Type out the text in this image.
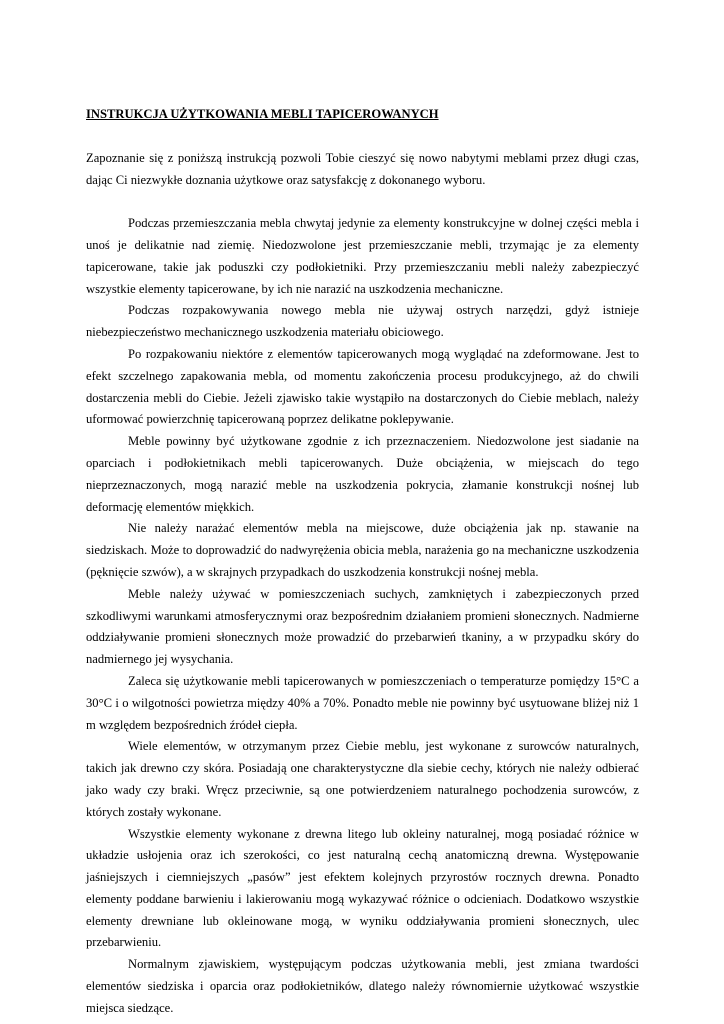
INSTRUKCJA UŻYTKOWANIA MEBLI TAPICEROWANYCH

Zapoznanie się z poniższą instrukcją pozwoli Tobie cieszyć się nowo nabytymi meblami przez długi czas, dając Ci niezwykłe doznania użytkowe oraz satysfakcję z dokonanego wyboru.

Podczas przemieszczania mebla chwytaj jedynie za elementy konstrukcyjne w dolnej części mebla i unoś je delikatnie nad ziemię. Niedozwolone jest przemieszczanie mebli, trzymając je za elementy tapicerowane, takie jak poduszki czy podłokietniki. Przy przemieszczaniu mebli należy zabezpieczyć wszystkie elementy tapicerowane, by ich nie narazić na uszkodzenia mechaniczne.

Podczas rozpakowywania nowego mebla nie używaj ostrych narzędzi, gdyż istnieje niebezpieczeństwo mechanicznego uszkodzenia materiału obiciowego.

Po rozpakowaniu niektóre z elementów tapicerowanych mogą wyglądać na zdeformowane. Jest to efekt szczelnego zapakowania mebla, od momentu zakończenia procesu produkcyjnego, aż do chwili dostarczenia mebli do Ciebie. Jeżeli zjawisko takie wystąpiło na dostarczonych do Ciebie meblach, należy uformować powierzchnię tapicerowaną poprzez delikatne poklepywanie.

Meble powinny być użytkowane zgodnie z ich przeznaczeniem. Niedozwolone jest siadanie na oparciach i podłokietnikach mebli tapicerowanych. Duże obciążenia, w miejscach do tego nieprzeznaczonych, mogą narazić meble na uszkodzenia pokrycia, złamanie konstrukcji nośnej lub deformację elementów miękkich.

Nie należy narażać elementów mebla na miejscowe, duże obciążenia jak np. stawanie na siedziskach. Może to doprowadzić do nadwyrężenia obicia mebla, narażenia go na mechaniczne uszkodzenia (pęknięcie szwów), a w skrajnych przypadkach do uszkodzenia konstrukcji nośnej mebla.

Meble należy używać w pomieszczeniach suchych, zamkniętych i zabezpieczonych przed szkodliwymi warunkami atmosferycznymi oraz bezpośrednim działaniem promieni słonecznych. Nadmierne oddziaływanie promieni słonecznych może prowadzić do przebarwień tkaniny, a w przypadku skóry do nadmiernego jej wysychania.

Zaleca się użytkowanie mebli tapicerowanych w pomieszczeniach o temperaturze pomiędzy 15°C a 30°C i o wilgotności powietrza między 40% a 70%. Ponadto meble nie powinny być usytuowane bliżej niż 1 m względem bezpośrednich źródeł ciepła.

Wiele elementów, w otrzymanym przez Ciebie meblu, jest wykonane z surowców naturalnych, takich jak drewno czy skóra. Posiadają one charakterystyczne dla siebie cechy, których nie należy odbierać jako wady czy braki. Wręcz przeciwnie, są one potwierdzeniem naturalnego pochodzenia surowców, z których zostały wykonane.

Wszystkie elementy wykonane z drewna litego lub okleiny naturalnej, mogą posiadać różnice w układzie usłojenia oraz ich szerokości, co jest naturalną cechą anatomiczną drewna. Występowanie jaśniejszych i ciemniejszych „pasów” jest efektem kolejnych przyrostów rocznych drewna. Ponadto elementy poddane barwieniu i lakierowaniu mogą wykazywać różnice o odcieniach. Dodatkowo wszystkie elementy drewniane lub okleinowane mogą, w wyniku oddziaływania promieni słonecznych, ulec przebarwieniu.

Normalnym zjawiskiem, występującym podczas użytkowania mebli, jest zmiana twardości elementów siedziska i oparcia oraz podłokietników, dlatego należy równomiernie użytkować wszystkie miejsca siedzące.
